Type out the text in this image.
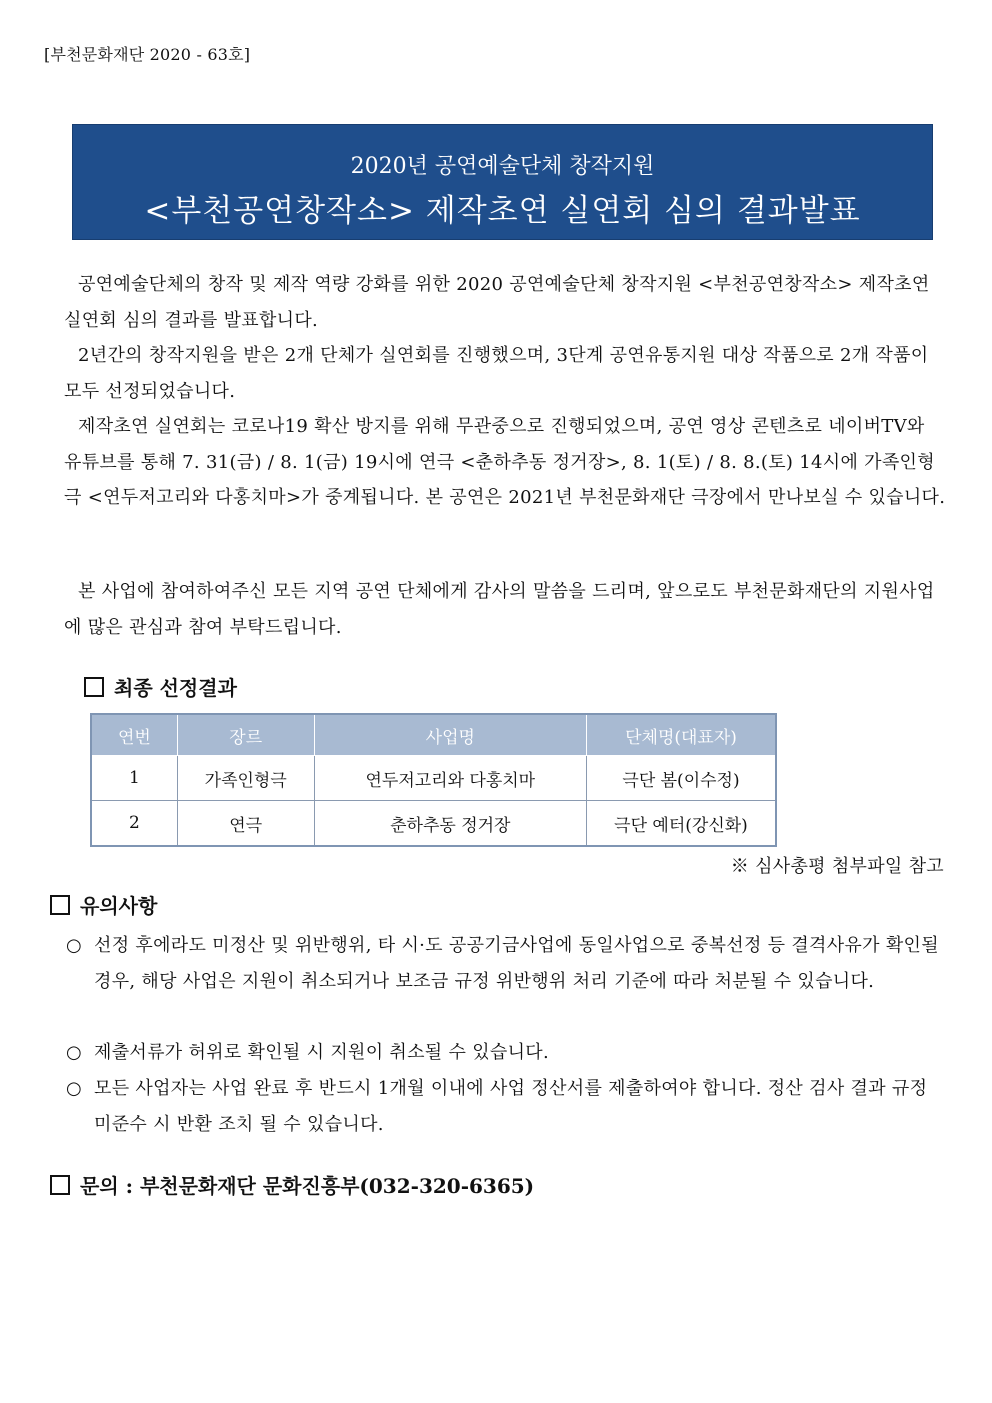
[부천문화재단 2020 - 63호]
2020년 공연예술단체 창작지원
<부천공연창작소> 제작초연 실연회 심의 결과발표
공연예술단체의 창작 및 제작 역량 강화를 위한 2020 공연예술단체 창작지원 <부천공연창작소> 제작초연 실연회 심의 결과를 발표합니다.
2년간의 창작지원을 받은 2개 단체가 실연회를 진행했으며, 3단계 공연유통지원 대상 작품으로 2개 작품이 모두 선정되었습니다.
제작초연 실연회는 코로나19 확산 방지를 위해 무관중으로 진행되었으며, 공연 영상 콘텐츠로 네이버TV와 유튜브를 통해 7. 31(금) / 8. 1(금) 19시에 연극 <춘하추동 정거장>, 8. 1(토) / 8. 8.(토) 14시에 가족인형극 <연두저고리와 다홍치마>가 중계됩니다. 본 공연은 2021년 부천문화재단 극장에서 만나보실 수 있습니다.
본 사업에 참여하여주신 모든 지역 공연 단체에게 감사의 말씀을 드리며, 앞으로도 부천문화재단의 지원사업에 많은 관심과 참여 부탁드립니다.
최종 선정결과
연번	장르	사업명	단체명(대표자)
1	가족인형극	연두저고리와 다홍치마	극단 봄(이수정)
2	연극	춘하추동 정거장	극단 예터(강신화)
※ 심사총평 첨부파일 참고
유의사항
○ 선정 후에라도 미정산 및 위반행위, 타 시·도 공공기금사업에 동일사업으로 중복선정 등 결격사유가 확인될 경우, 해당 사업은 지원이 취소되거나 보조금 규정 위반행위 처리 기준에 따라 처분될 수 있습니다.
○ 제출서류가 허위로 확인될 시 지원이 취소될 수 있습니다.
○ 모든 사업자는 사업 완료 후 반드시 1개월 이내에 사업 정산서를 제출하여야 합니다. 정산 검사 결과 규정 미준수 시 반환 조치 될 수 있습니다.
문의 : 부천문화재단 문화진흥부(032-320-6365)
